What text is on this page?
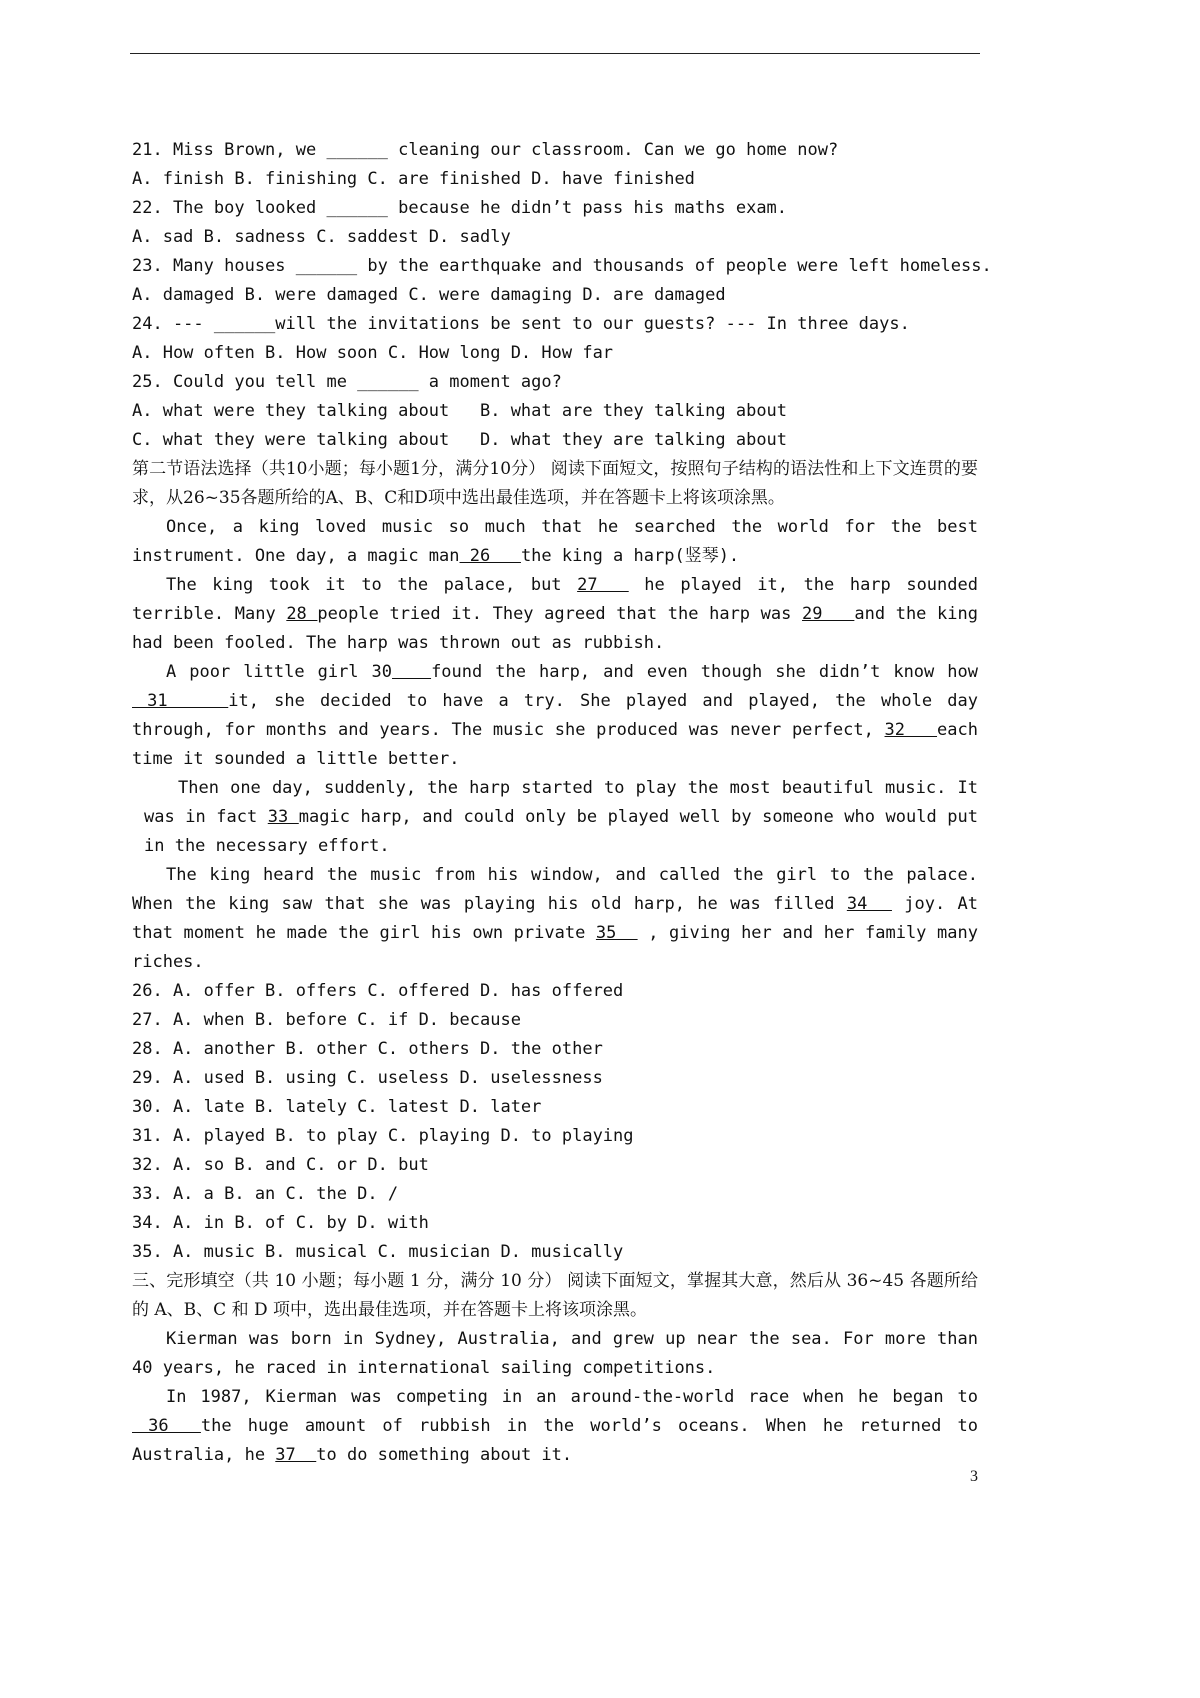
21. Miss Brown, we ______ cleaning our classroom. Can we go home now?
A. finish B. finishing C. are finished D. have finished
22. The boy looked ______ because he didn’t pass his maths exam.
A. sad B. sadness C. saddest D. sadly
23. Many houses ______ by the earthquake and thousands of people were left homeless.
A. damaged B. were damaged C. were damaging D. are damaged
24. --- ______will the invitations be sent to our guests? --- In three days.
A. How often B. How soon C. How long D. How far
25. Could you tell me ______ a moment ago?
A. what were they talking about   B. what are they talking about
C. what they were talking about   D. what they are talking about
第二节语法选择（共10小题；每小题1分，满分10分） 阅读下面短文，按照句子结构的语法性和上下文连贯的要求，从26~35各题所给的A、B、C和D项中选出最佳选项，并在答题卡上将该项涂黑。
Once, a king loved music so much that he searched the world for the best instrument. One day, a magic man 26   the king a harp(竖琴).
The king took it to the palace, but 27   he played it, the harp sounded terrible. Many 28 people tried it. They agreed that the harp was 29   and the king had been fooled. The harp was thrown out as rubbish.
A poor little girl 30 found the harp, and even though she didn’t know how 31    it, she decided to have a try. She played and played, the whole day through, for months and years. The music she produced was never perfect, 32   each time it sounded a little better.
Then one day, suddenly, the harp started to play the most beautiful music. It was in fact 33 magic harp, and could only be played well by someone who would put in the necessary effort.
The king heard the music from his window, and called the girl to the palace. When the king saw that she was playing his old harp, he was filled 34   joy. At that moment he made the girl his own private 35   , giving her and her family many riches.
26. A. offer B. offers C. offered D. has offered
27. A. when B. before C. if D. because
28. A. another B. other C. others D. the other
29. A. used B. using C. useless D. uselessness
30. A. late B. lately C. latest D. later
31. A. played B. to play C. playing D. to playing
32. A. so B. and C. or D. but
33. A. a B. an C. the D. /
34. A. in B. of C. by D. with
35. A. music B. musical C. musician D. musically
三、完形填空（共 10 小题；每小题 1 分，满分 10 分） 阅读下面短文，掌握其大意，然后从 36~45 各题所给的 A、B、C 和 D 项中，选出最佳选项，并在答题卡上将该项涂黑。
Kierman was born in Sydney, Australia, and grew up near the sea. For more than 40 years, he raced in international sailing competitions.
In 1987, Kierman was competing in an around-the-world race when he began to 36  the huge amount of rubbish in the world’s oceans. When he returned to Australia, he 37  to do something about it.
3
